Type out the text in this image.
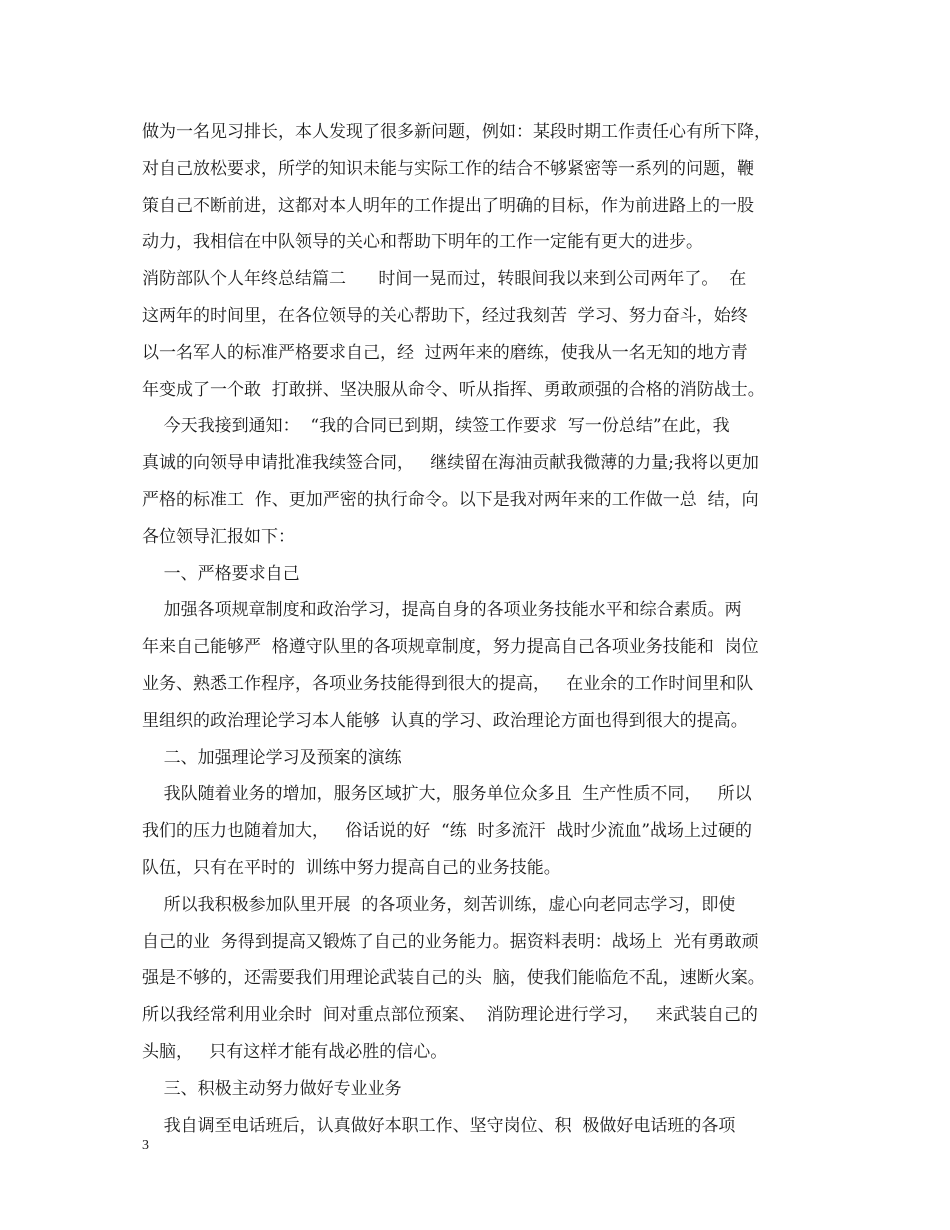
做为一名见习排长，本人发现了很多新问题，例如：某段时期工作责任心有所下降，
对自己放松要求，所学的知识未能与实际工作的结合不够紧密等一系列的问题，鞭
策自己不断前进，这都对本人明年的工作提出了明确的目标，作为前进路上的一股
动力，我相信在中队领导的关心和帮助下明年的工作一定能有更大的进步。
消防部队个人年终总结篇二      时间一晃而过，转眼间我以来到公司两年了。  在
这两年的时间里，在各位领导的关心帮助下，经过我刻苦  学习、努力奋斗，始终
以一名军人的标准严格要求自己，经  过两年来的磨练，使我从一名无知的地方青
年变成了一个敢  打敢拼、坚决服从命令、听从指挥、勇敢顽强的合格的消防战士。
今天我接到通知：  “我的合同已到期，续签工作要求  写一份总结”在此，我
真诚的向领导申请批准我续签合同，   继续留在海油贡献我微薄的力量;我将以更加
严格的标准工  作、更加严密的执行命令。以下是我对两年来的工作做一总  结，向
各位领导汇报如下：
一、严格要求自己
加强各项规章制度和政治学习，提高自身的各项业务技能水平和综合素质。两
年来自己能够严  格遵守队里的各项规章制度，努力提高自己各项业务技能和  岗位
业务、熟悉工作程序，各项业务技能得到很大的提高，   在业余的工作时间里和队
里组织的政治理论学习本人能够  认真的学习、政治理论方面也得到很大的提高。
二、加强理论学习及预案的演练
我队随着业务的增加，服务区域扩大，服务单位众多且  生产性质不同，   所以
我们的压力也随着加大，   俗话说的好  “练  时多流汗  战时少流血”战场上过硬的
队伍，只有在平时的  训练中努力提高自己的业务技能。
所以我积极参加队里开展  的各项业务，刻苦训练，虚心向老同志学习，即使
自己的业  务得到提高又锻炼了自己的业务能力。据资料表明：战场上  光有勇敢顽
强是不够的，还需要我们用理论武装自己的头  脑，使我们能临危不乱，速断火案。
所以我经常利用业余时  间对重点部位预案、  消防理论进行学习，   来武装自己的
头脑，   只有这样才能有战必胜的信心。
三、积极主动努力做好专业业务
我自调至电话班后，认真做好本职工作、坚守岗位、积  极做好电话班的各项
3
